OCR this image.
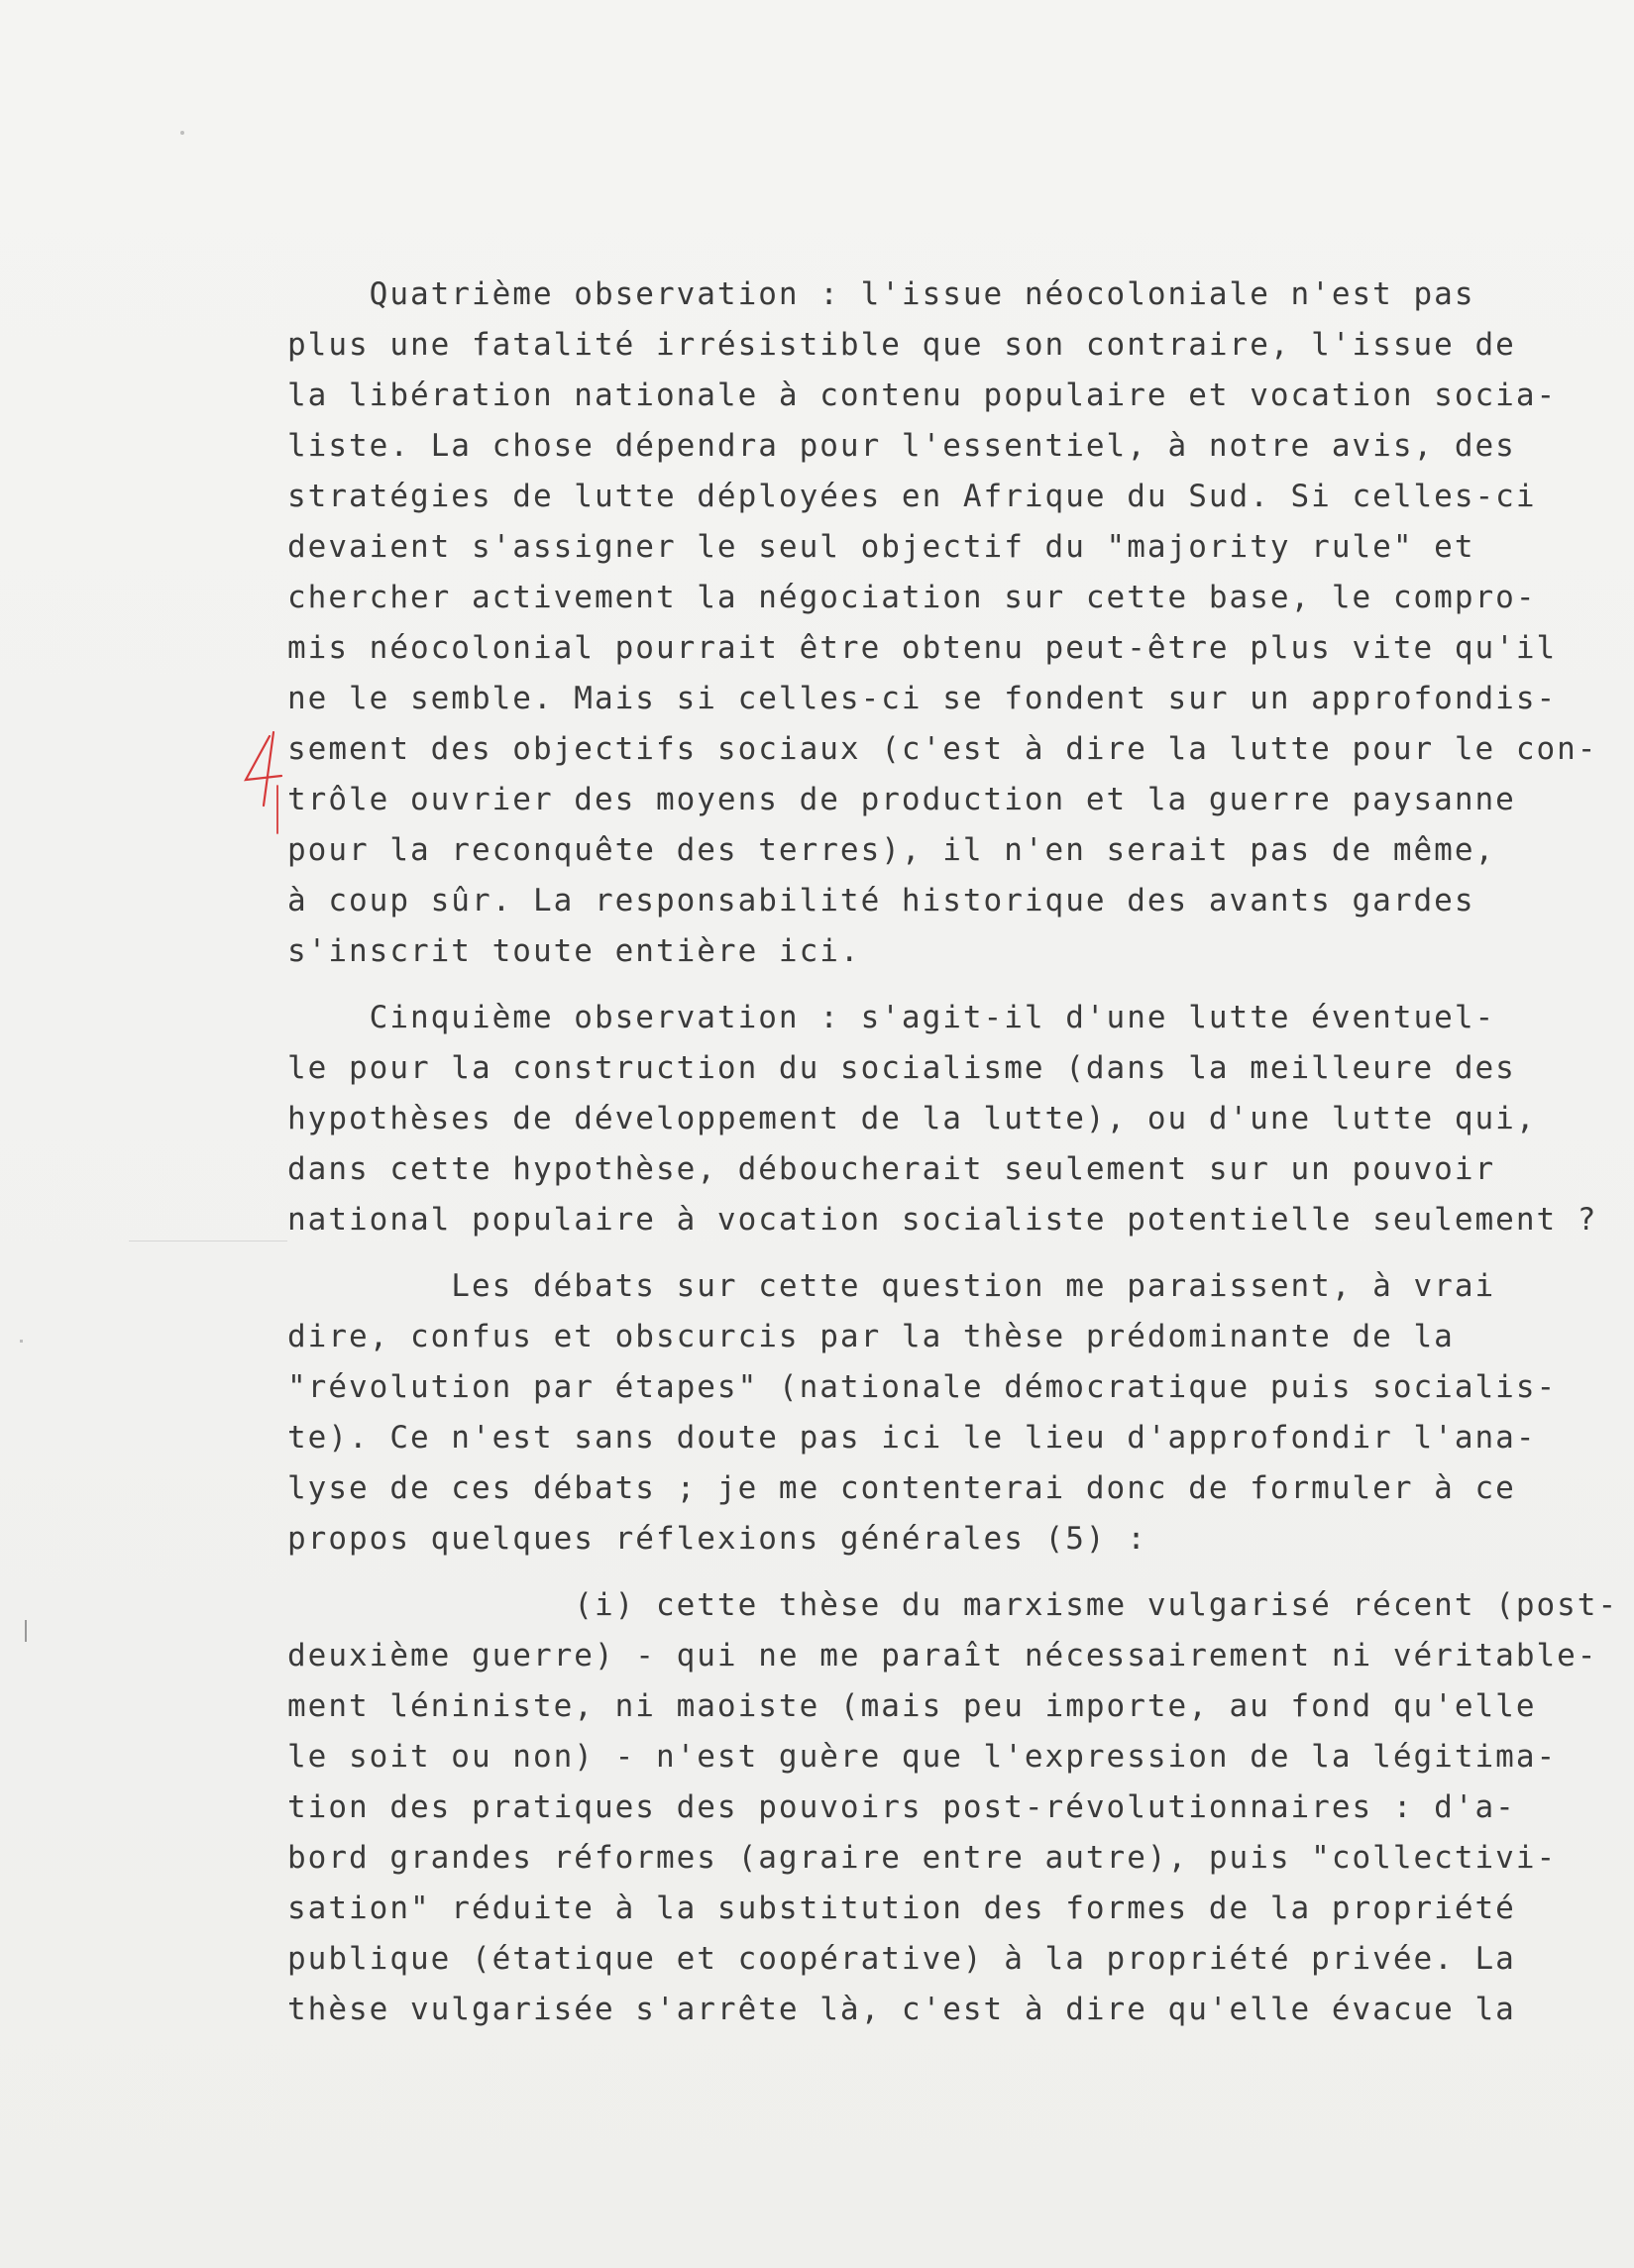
Quatrième observation : l'issue néocoloniale n'est pas
plus une fatalité irrésistible que son contraire, l'issue de
la libération nationale à contenu populaire et vocation socia-
liste. La chose dépendra pour l'essentiel, à notre avis, des
stratégies de lutte déployées en Afrique du Sud. Si celles-ci
devaient s'assigner le seul objectif du "majority rule" et
chercher activement la négociation sur cette base, le compro-
mis néocolonial pourrait être obtenu peut-être plus vite qu'il
ne le semble. Mais si celles-ci se fondent sur un approfondis-
sement des objectifs sociaux (c'est à dire la lutte pour le con-
trôle ouvrier des moyens de production et la guerre paysanne
pour la reconquête des terres), il n'en serait pas de même,
à coup sûr. La responsabilité historique des avants gardes
s'inscrit toute entière ici.
Cinquième observation : s'agit-il d'une lutte éventuel-
le pour la construction du socialisme (dans la meilleure des
hypothèses de développement de la lutte), ou d'une lutte qui,
dans cette hypothèse, déboucherait seulement sur un pouvoir
national populaire à vocation socialiste potentielle seulement ?
Les débats sur cette question me paraissent, à vrai
dire, confus et obscurcis par la thèse prédominante de la
"révolution par étapes" (nationale démocratique puis socialis-
te). Ce n'est sans doute pas ici le lieu d'approfondir l'ana-
lyse de ces débats ; je me contenterai donc de formuler à ce
propos quelques réflexions générales (5) :
(i) cette thèse du marxisme vulgarisé récent (post-
deuxième guerre) - qui ne me paraît nécessairement ni véritable-
ment léniniste, ni maoiste (mais peu importe, au fond qu'elle
le soit ou non) - n'est guère que l'expression de la légitima-
tion des pratiques des pouvoirs post-révolutionnaires : d'a-
bord grandes réformes (agraire entre autre), puis "collectivi-
sation" réduite à la substitution des formes de la propriété
publique (étatique et coopérative) à la propriété privée. La
thèse vulgarisée s'arrête là, c'est à dire qu'elle évacue la
